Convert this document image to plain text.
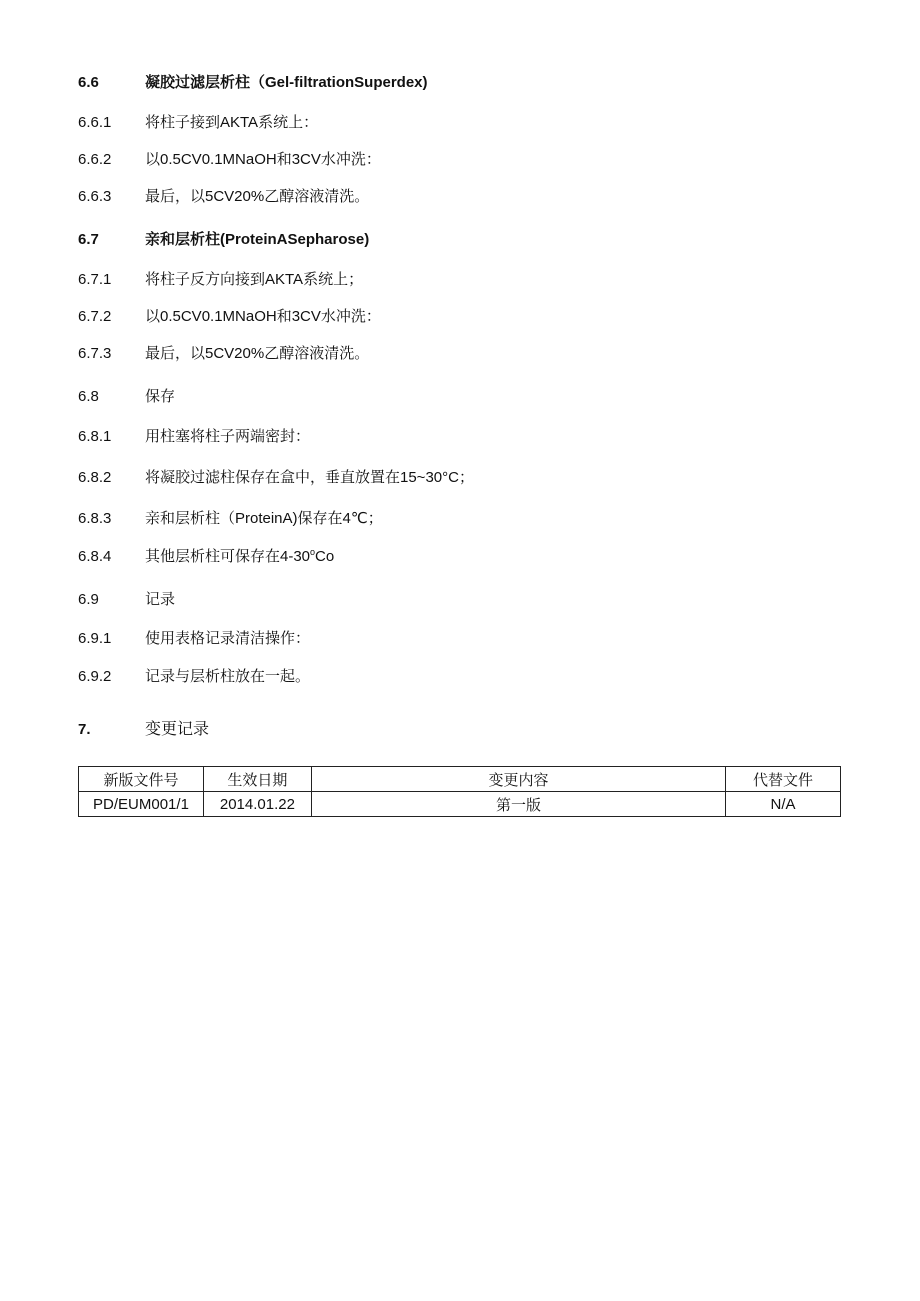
6.6	凝胶过滤层析柱（Gel-filtrationSuperdex)
6.6.1 将柱子接到AKTA系统上：
6.6.2 以0.5CV0.1MNaOH和3CV水冲洗：
6.6.3 最后，以5CV20%乙醇溶液清洗。
6.7	亲和层析柱(ProteinASepharose)
6.7.1 将柱子反方向接到AKTA系统上；
6.7.2 以0.5CV0.1MNaOH和3CV水冲洗：
6.7.3 最后，以5CV20%乙醇溶液清洗。
6.8	保存
6.8.1 用柱塞将柱子两端密封：
6.8.2 将凝胶过滤柱保存在盒中，垂直放置在15~30°C；
6.8.3 亲和层析柱（ProteinA)保存在4℃；
6.8.4 其他层析柱可保存在4-30$^o$Co
6.9	记录
6.9.1 使用表格记录清洁操作：
6.9.2 记录与层析柱放在一起。
7.	变更记录
新版文件号	生效日期	变更内容	代替文件
PD/EUM001/1	2014.01.22	第一版	N/A
